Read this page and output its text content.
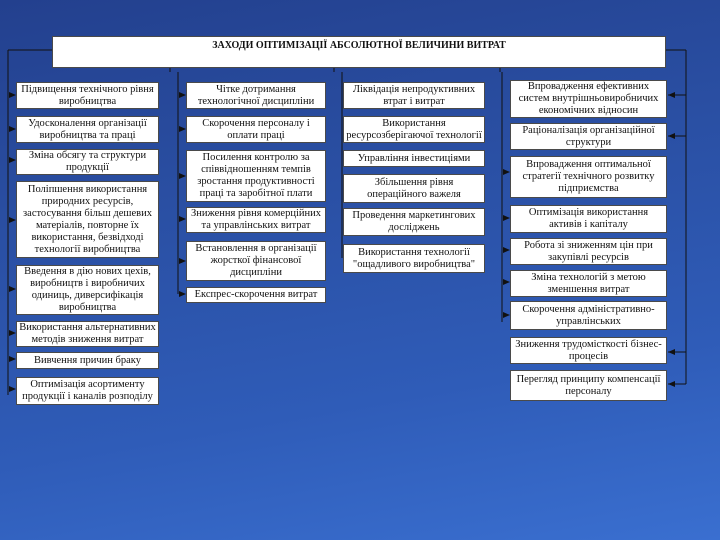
ЗАХОДИ ОПТИМІЗАЦІЇ АБСОЛЮТНОЇ ВЕЛИЧИНИ ВИТРАТ
Підвищення технічного рівня виробництва
Удосконалення організації виробництва та праці
Зміна обсягу та структури продукції
Поліпшення використання природних ресурсів, застосування більш дешевих матеріалів, повторне їх використання, безвідході технології виробництва
Введення в дію нових цехів, виробництв і виробничих одиниць, диверсифікація виробництва
Використання альтернативних методів зниження витрат
Вивчення причин браку
Оптимізація асортименту продукції і каналів розподілу
Чітке дотримання технологічної дисципліни
Скорочення персоналу і оплати праці
Посилення контролю за співвідношенням темпів зростання продуктивності праці та заробітної плати
Зниження рівня комерційних та управлінських витрат
Встановлення в організації жорсткої фінансової дисципліни
Експрес-скорочення витрат
Ліквідація непродуктивних втрат і витрат
Використання ресурсозберігаючої технології
Управління інвестиціями
Збільшення рівня операційного важеля
Проведення маркетингових досліджень
Використання технології "ощадливого виробництва"
Впровадження ефективних систем внутрішньовиробничих економічних відносин
Раціоналізація організаційної структури
Впровадження оптимальної стратегії технічного розвитку підприємства
Оптимізація використання активів і капіталу
Робота зі зниженням цін при закупівлі ресурсів
Зміна технологій з метою зменшення витрат
Скорочення адміністративно-управлінських
Зниження трудомісткості бізнес-процесів
Перегляд принципу компенсації персоналу
